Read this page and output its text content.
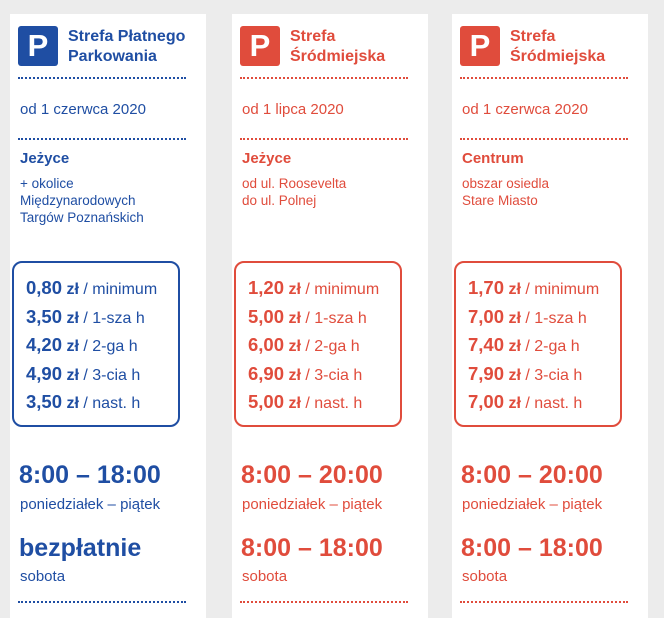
P	Strefa Płatnego
Parkowania
od 1 czerwca 2020
Jeżyce
+ okolice
Międzynarodowych
Targów Poznańskich
0,80 zł / minimum
3,50 zł / 1-sza h
4,20 zł / 2-ga h
4,90 zł / 3-cia h
3,50 zł / nast. h
8:00 – 18:00
poniedziałek – piątek
bezpłatnie
sobota
P	Strefa
Śródmiejska
od 1 lipca 2020
Jeżyce
od ul. Roosevelta
do ul. Polnej
1,20 zł / minimum
5,00 zł / 1-sza h
6,00 zł / 2-ga h
6,90 zł / 3-cia h
5,00 zł / nast. h
8:00 – 20:00
poniedziałek – piątek
8:00 – 18:00
sobota
P	Strefa
Śródmiejska
od 1 czerwca 2020
Centrum
obszar osiedla
Stare Miasto
1,70 zł / minimum
7,00 zł / 1-sza h
7,40 zł / 2-ga h
7,90 zł / 3-cia h
7,00 zł / nast. h
8:00 – 20:00
poniedziałek – piątek
8:00 – 18:00
sobota
